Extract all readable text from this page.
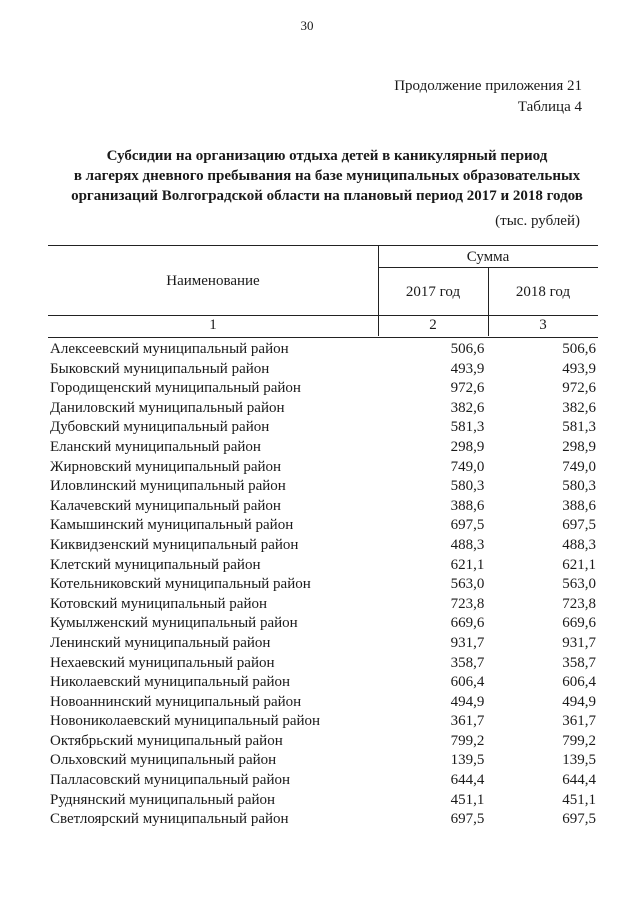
30
Продолжение приложения 21
Таблица 4
Субсидии на организацию отдыха детей в каникулярный период
в лагерях дневного пребывания на базе муниципальных образовательных
организаций Волгоградской области на плановый период 2017 и 2018 годов
(тыс. рублей)
Наименование
Сумма
2017 год	2018 год
1	2	3
Алексеевский муниципальный район	506,6	506,6
Быковский муниципальный район	493,9	493,9
Городищенский муниципальный район	972,6	972,6
Даниловский муниципальный район	382,6	382,6
Дубовский муниципальный район	581,3	581,3
Еланский муниципальный район	298,9	298,9
Жирновский муниципальный район	749,0	749,0
Иловлинский муниципальный район	580,3	580,3
Калачевский муниципальный район	388,6	388,6
Камышинский муниципальный район	697,5	697,5
Киквидзенский муниципальный район	488,3	488,3
Клетский муниципальный район	621,1	621,1
Котельниковский муниципальный район	563,0	563,0
Котовский муниципальный район	723,8	723,8
Кумылженский муниципальный район	669,6	669,6
Ленинский муниципальный район	931,7	931,7
Нехаевский муниципальный район	358,7	358,7
Николаевский муниципальный район	606,4	606,4
Новоаннинский муниципальный район	494,9	494,9
Новониколаевский муниципальный район	361,7	361,7
Октябрьский муниципальный район	799,2	799,2
Ольховский муниципальный район	139,5	139,5
Палласовский муниципальный район	644,4	644,4
Руднянский муниципальный район	451,1	451,1
Светлоярский муниципальный район	697,5	697,5
